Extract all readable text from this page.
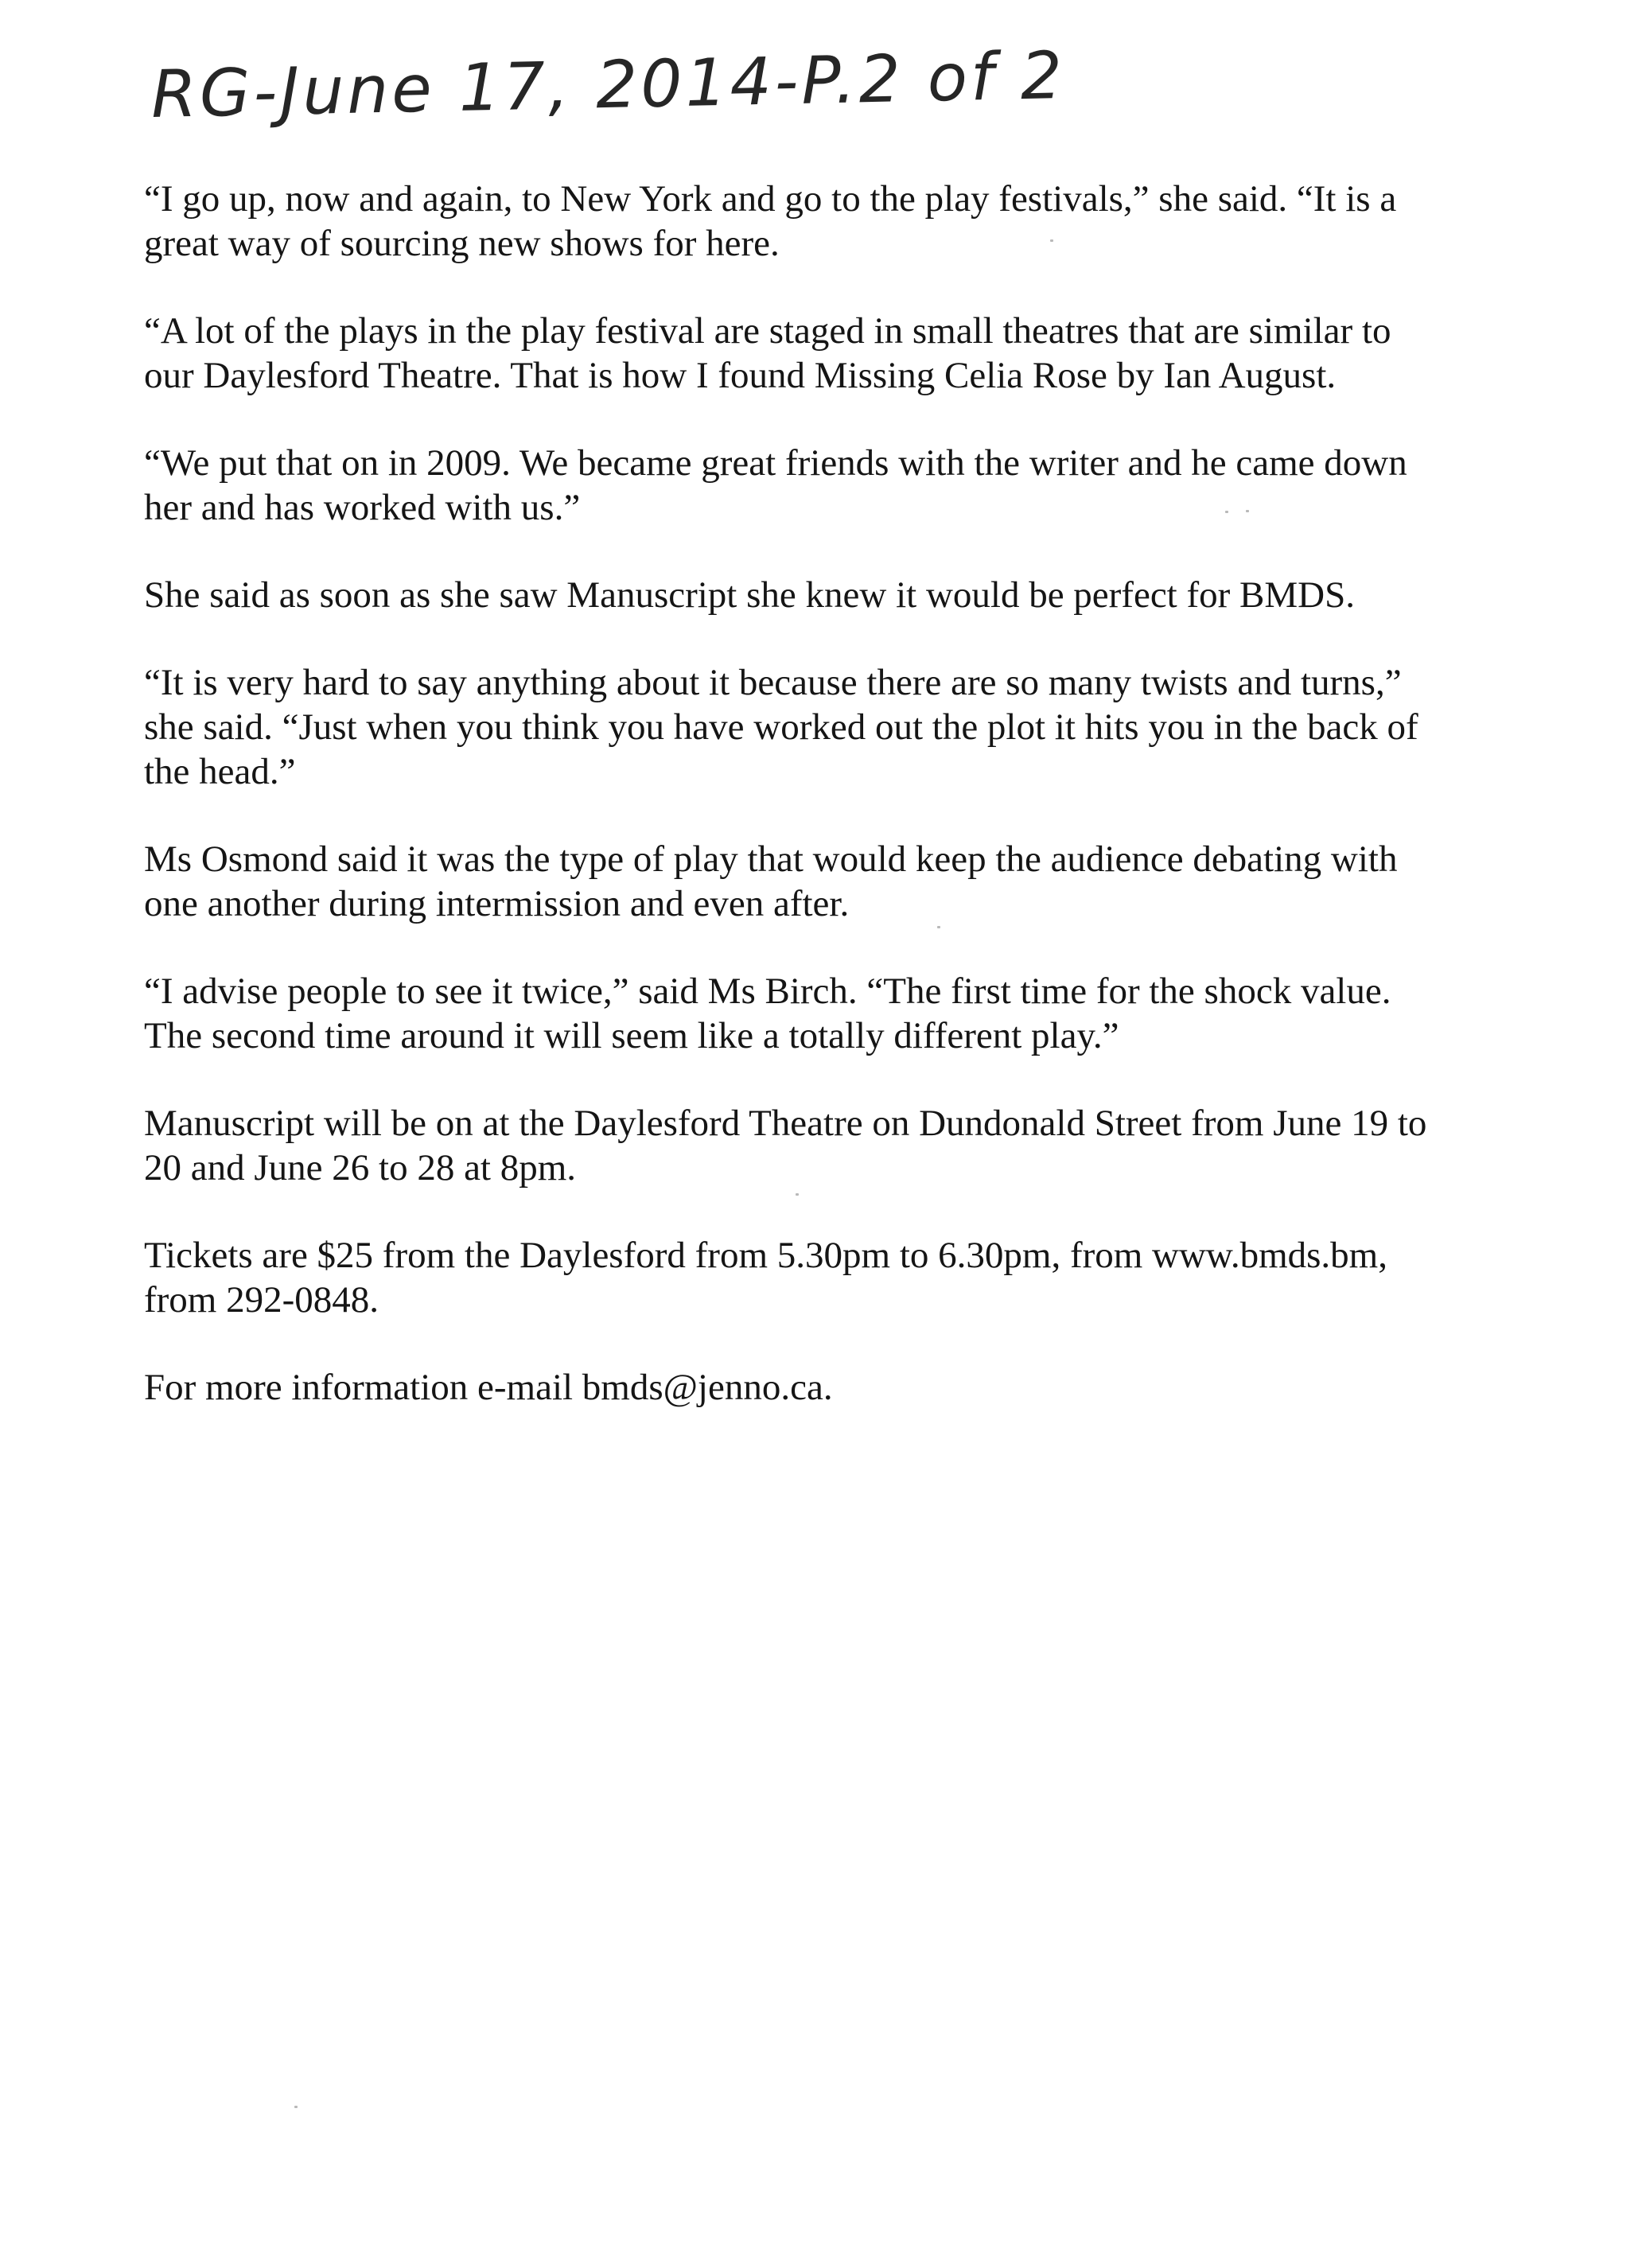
RG-June 17, 2014-P.2 of 2

“I go up, now and again, to New York and go to the play festivals,” she said. “It is a
great way of sourcing new shows for here.

“A lot of the plays in the play festival are staged in small theatres that are similar to
our Daylesford Theatre. That is how I found Missing Celia Rose by Ian August.

“We put that on in 2009. We became great friends with the writer and he came down
her and has worked with us.”

She said as soon as she saw Manuscript she knew it would be perfect for BMDS.

“It is very hard to say anything about it because there are so many twists and turns,”
she said. “Just when you think you have worked out the plot it hits you in the back of
the head.”

Ms Osmond said it was the type of play that would keep the audience debating with
one another during intermission and even after.

“I advise people to see it twice,” said Ms Birch. “The first time for the shock value.
The second time around it will seem like a totally different play.”

Manuscript will be on at the Daylesford Theatre on Dundonald Street from June 19 to
20 and June 26 to 28 at 8pm.

Tickets are $25 from the Daylesford from 5.30pm to 6.30pm, from www.bmds.bm,
from 292-0848.

For more information e-mail bmds@jenno.ca.
